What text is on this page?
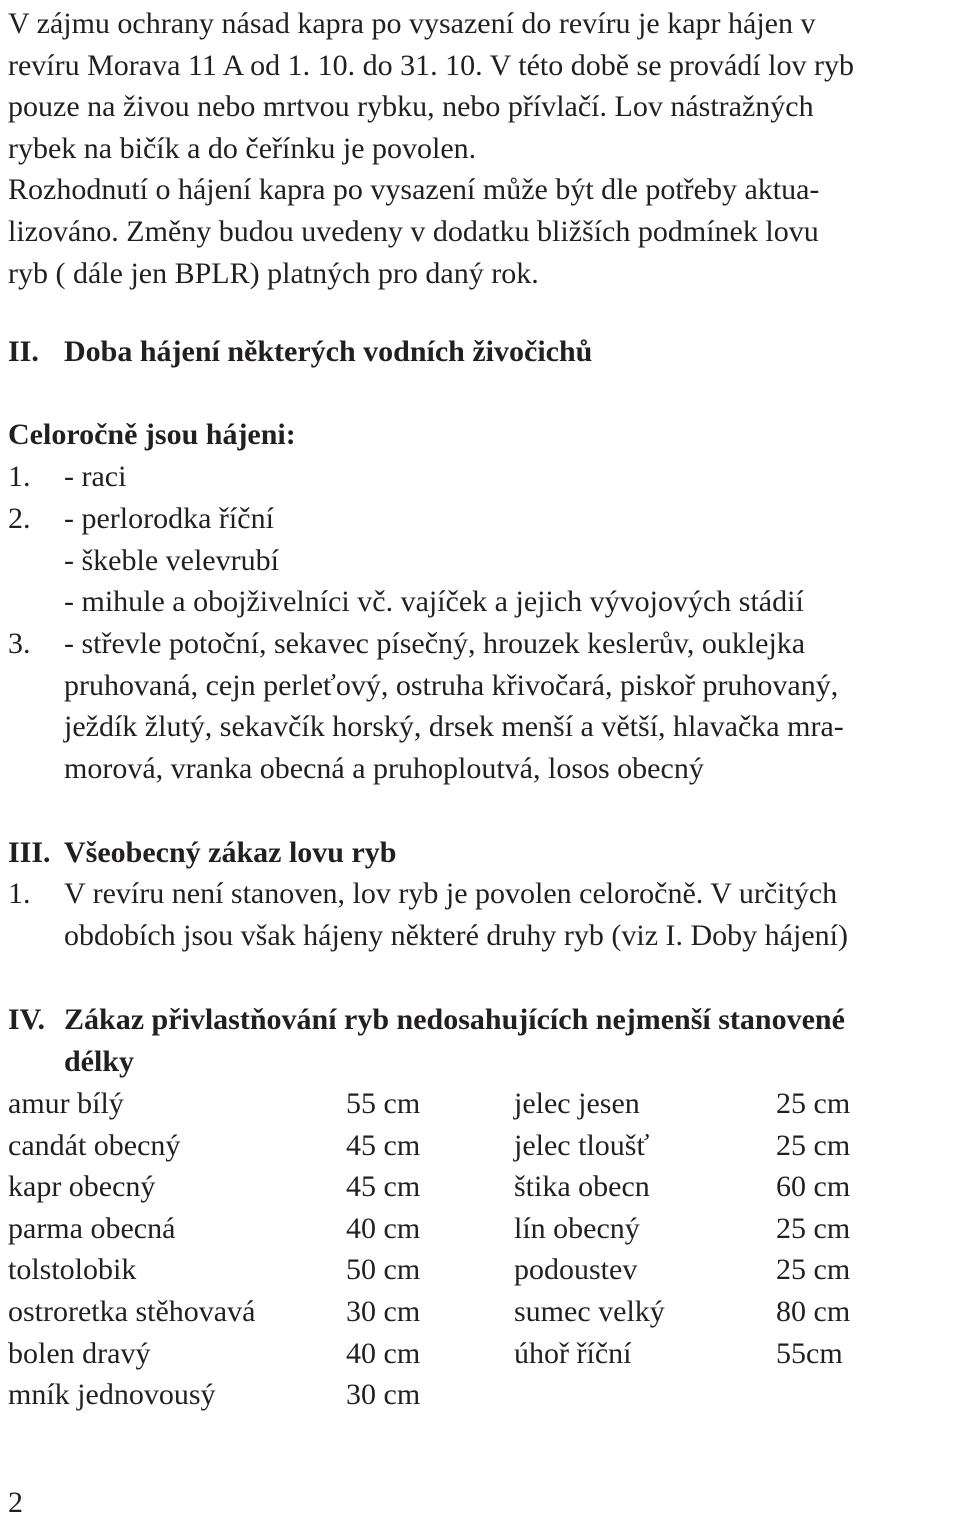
V zájmu ochrany násad kapra po vysazení do revíru je kapr hájen v

revíru Morava 11 A od 1. 10. do 31. 10. V této době se provádí lov ryb

pouze na živou nebo mrtvou rybku, nebo přívlačí. Lov nástražných

rybek na bičík a do čeřínku je povolen.

Rozhodnutí o hájení kapra po vysazení může být dle potřeby aktua-

lizováno. Změny budou uvedeny v dodatku bližších podmínek lovu

ryb ( dále jen BPLR) platných pro daný rok.

II. Doba hájení některých vodních živočichů
Celoročně jsou hájeni:
1. - raci
2. - perlorodka říční
- škeble velevrubí
- mihule a obojživelníci vč. vajíček a jejich vývojových stádií
3. - střevle potoční, sekavec písečný, hrouzek keslerův, ouklejka
pruhovaná, cejn perleťový, ostruha křivočará, piskoř pruhovaný,
ježdík žlutý, sekavčík horský, drsek menší a větší, hlavačka mra-
morová, vranka obecná a pruhoploutvá, losos obecný
III. Všeobecný zákaz lovu ryb
1. V revíru není stanoven, lov ryb je povolen celoročně. V určitých
obdobích jsou však hájeny některé druhy ryb (viz I. Doby hájení)
IV. Zákaz přivlastňování ryb nedosahujících nejmenší stanovené
délky
amur bílý	55 cm	jelec jesen	25 cm
candát obecný	45 cm	jelec tloušť	25 cm
kapr obecný	45 cm	štika obecn	60 cm
parma obecná	40 cm	lín obecný	25 cm
tolstolobik	50 cm	podoustev	25 cm
ostroretka stěhovavá	30 cm	sumec velký	80 cm
bolen dravý	40 cm	úhoř říční	55cm
mník jednovousý	30 cm
2
